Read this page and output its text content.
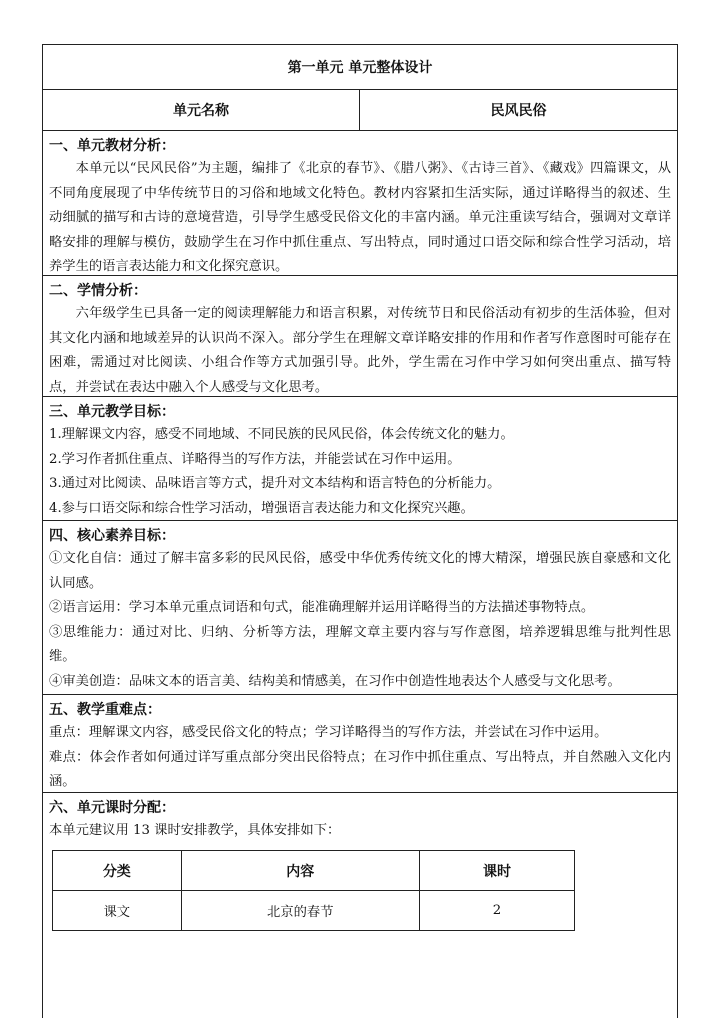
第一单元 单元整体设计
单元名称	民风民俗
一、单元教材分析：

本单元以“民风民俗”为主题，编排了《北京的春节》、《腊八粥》、《古诗三首》、《藏戏》四篇课文，从不同角度展现了中华传统节日的习俗和地域文化特色。教材内容紧扣生活实际，通过详略得当的叙述、生动细腻的描写和古诗的意境营造，引导学生感受民俗文化的丰富内涵。单元注重读写结合，强调对文章详略安排的理解与模仿，鼓励学生在习作中抓住重点、写出特点，同时通过口语交际和综合性学习活动，培养学生的语言表达能力和文化探究意识。

二、学情分析：

六年级学生已具备一定的阅读理解能力和语言积累，对传统节日和民俗活动有初步的生活体验，但对其文化内涵和地域差异的认识尚不深入。部分学生在理解文章详略安排的作用和作者写作意图时可能存在困难，需通过对比阅读、小组合作等方式加强引导。此外，学生需在习作中学习如何突出重点、描写特点，并尝试在表达中融入个人感受与文化思考。

三、单元教学目标：

1.理解课文内容，感受不同地域、不同民族的民风民俗，体会传统文化的魅力。

2.学习作者抓住重点、详略得当的写作方法，并能尝试在习作中运用。

3.通过对比阅读、品味语言等方式，提升对文本结构和语言特色的分析能力。

4.参与口语交际和综合性学习活动，增强语言表达能力和文化探究兴趣。

四、核心素养目标：

①文化自信：通过了解丰富多彩的民风民俗，感受中华优秀传统文化的博大精深，增强民族自豪感和文化认同感。

②语言运用：学习本单元重点词语和句式，能准确理解并运用详略得当的方法描述事物特点。

③思维能力：通过对比、归纳、分析等方法，理解文章主要内容与写作意图，培养逻辑思维与批判性思维。

④审美创造：品味文本的语言美、结构美和情感美，在习作中创造性地表达个人感受与文化思考。

五、教学重难点：

重点：理解课文内容，感受民俗文化的特点；学习详略得当的写作方法，并尝试在习作中运用。

难点：体会作者如何通过详写重点部分突出民俗特点；在习作中抓住重点、写出特点，并自然融入文化内涵。

六、单元课时分配：

本单元建议用 13 课时安排教学，具体安排如下：

分类	内容	课时
课文	北京的春节	2
